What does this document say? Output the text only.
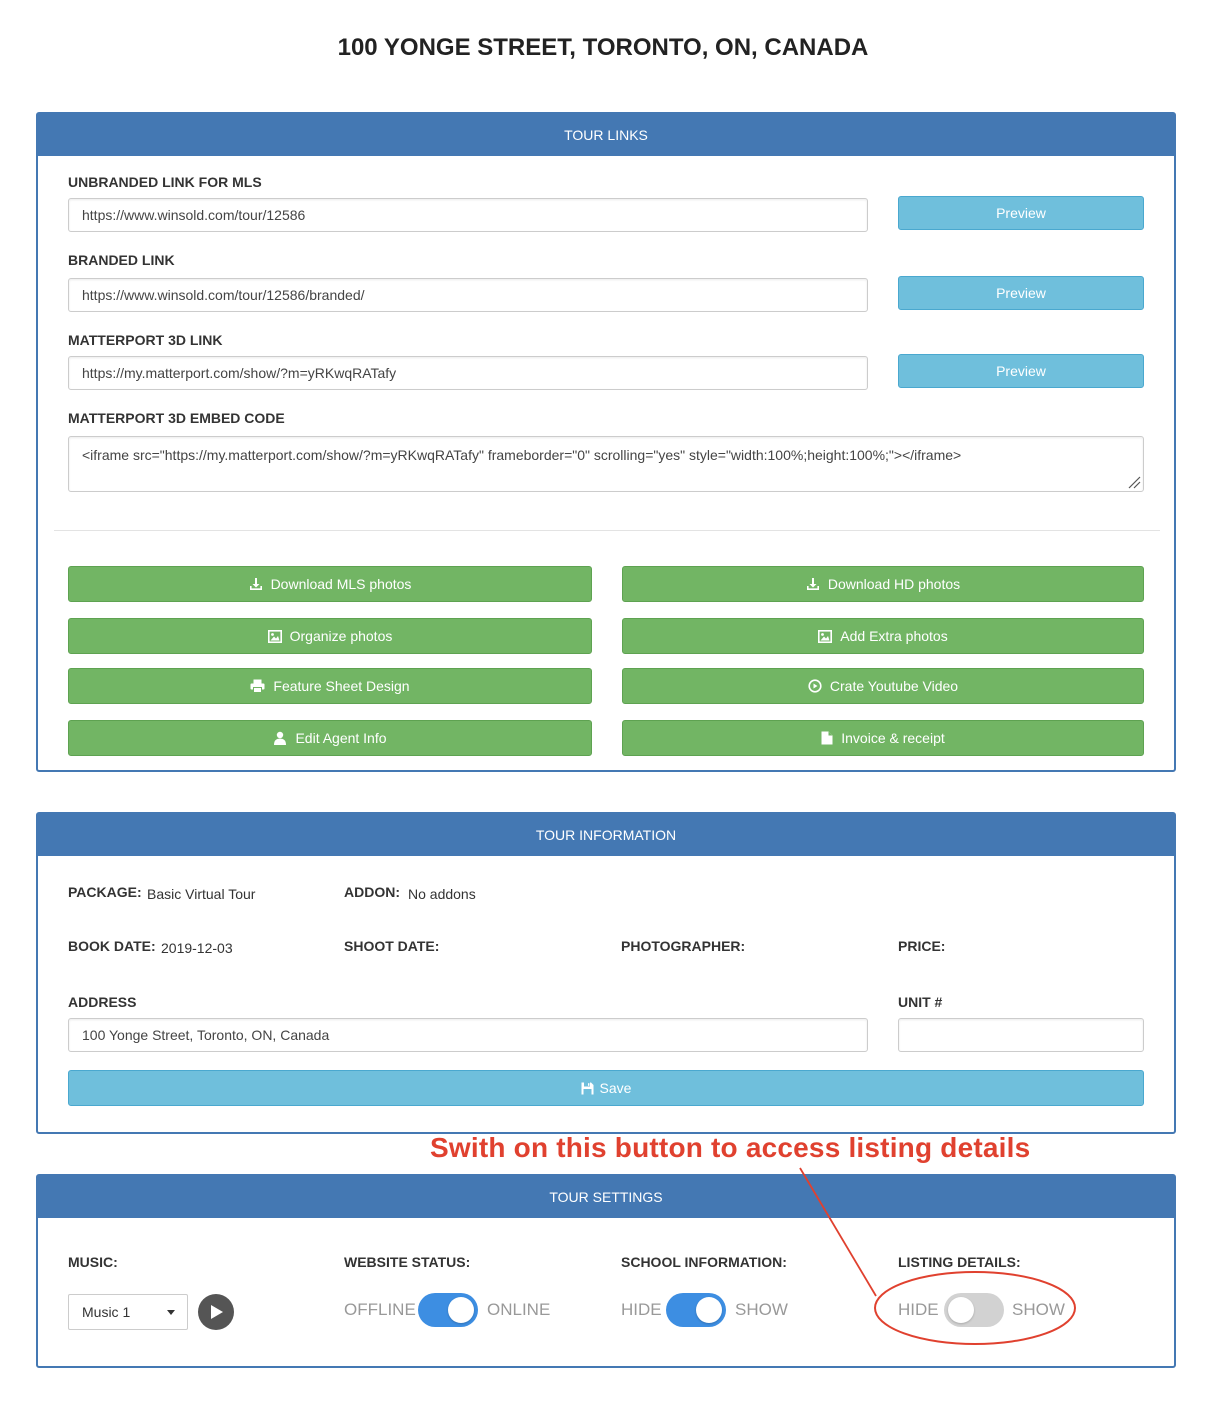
100 YONGE STREET, TORONTO, ON, CANADA
TOUR LINKS
UNBRANDED LINK FOR MLS
https://www.winsold.com/tour/12586	Preview
BRANDED LINK
https://www.winsold.com/tour/12586/branded/	Preview
MATTERPORT 3D LINK
https://my.matterport.com/show/?m=yRKwqRATafy	Preview
MATTERPORT 3D EMBED CODE
<iframe src="https://my.matterport.com/show/?m=yRKwqRATafy" frameborder="0" scrolling="yes" style="width:100%;height:100%;"></iframe>
Download MLS photos	Download HD photos
Organize photos	Add Extra photos
Feature Sheet Design	Crate Youtube Video
Edit Agent Info	Invoice & receipt
TOUR INFORMATION
PACKAGE: Basic Virtual Tour	ADDON: No addons
BOOK DATE: 2019-12-03	SHOOT DATE:	PHOTOGRAPHER:	PRICE:
ADDRESS
100 Yonge Street, Toronto, ON, Canada
UNIT #
Save
TOUR SETTINGS
MUSIC:
Music 1
WEBSITE STATUS:
OFFLINE	ONLINE
SCHOOL INFORMATION:
HIDE	SHOW
LISTING DETAILS:
HIDE	SHOW
Swith on this button to access listing details
